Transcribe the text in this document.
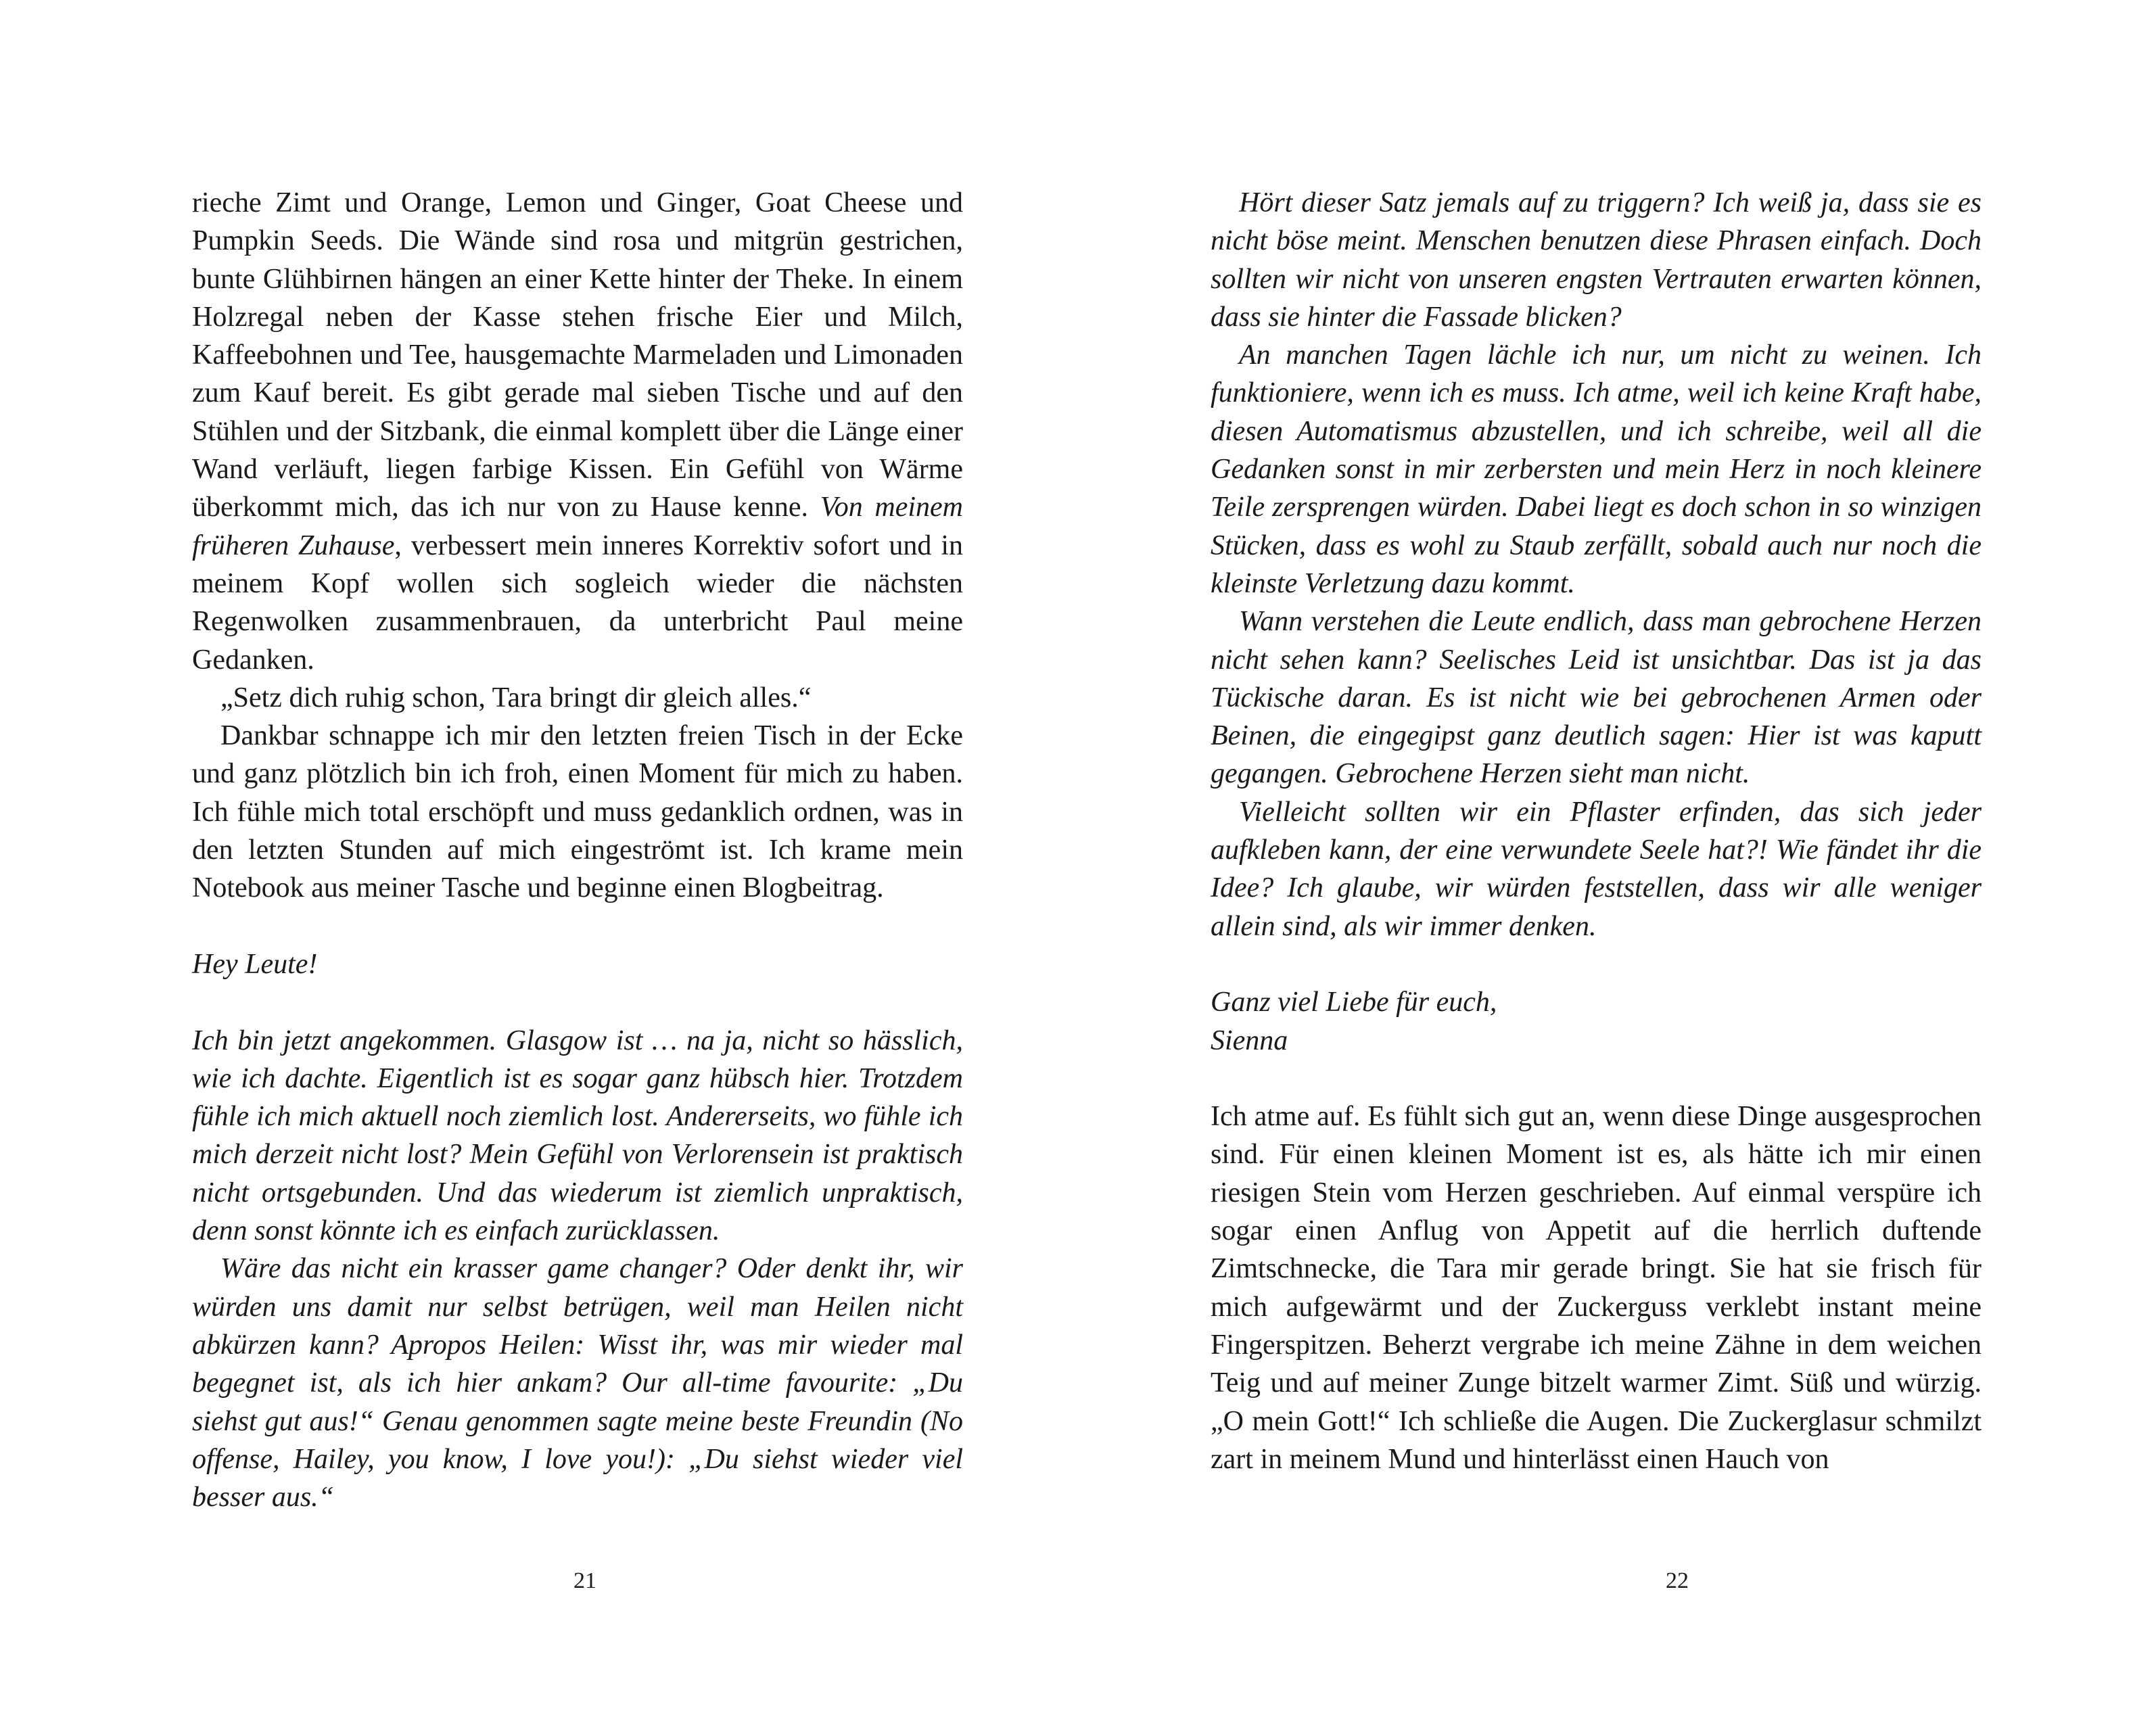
rieche Zimt und Orange, Lemon und Ginger, Goat Cheese und Pumpkin Seeds. Die Wände sind rosa und mitgrün gestrichen, bunte Glühbirnen hängen an einer Kette hinter der Theke. In einem Holzregal neben der Kasse stehen frische Eier und Milch, Kaffeebohnen und Tee, hausgemachte Marmeladen und Limonaden zum Kauf bereit. Es gibt gerade mal sieben Tische und auf den Stühlen und der Sitzbank, die einmal komplett über die Länge einer Wand verläuft, liegen farbige Kissen. Ein Gefühl von Wärme überkommt mich, das ich nur von zu Hause kenne. Von meinem früheren Zuhause, verbessert mein inneres Korrektiv sofort und in meinem Kopf wollen sich sogleich wieder die nächsten Regenwolken zusammenbrauen, da unterbricht Paul meine Gedanken.

„Setz dich ruhig schon, Tara bringt dir gleich alles.“

Dankbar schnappe ich mir den letzten freien Tisch in der Ecke und ganz plötzlich bin ich froh, einen Moment für mich zu haben. Ich fühle mich total erschöpft und muss gedanklich ordnen, was in den letzten Stunden auf mich eingeströmt ist. Ich krame mein Notebook aus meiner Tasche und beginne einen Blogbeitrag.

Hey Leute!

Ich bin jetzt angekommen. Glasgow ist … na ja, nicht so hässlich, wie ich dachte. Eigentlich ist es sogar ganz hübsch hier. Trotzdem fühle ich mich aktuell noch ziemlich lost. Andererseits, wo fühle ich mich derzeit nicht lost? Mein Gefühl von Verlorensein ist praktisch nicht ortsgebunden. Und das wiederum ist ziemlich unpraktisch, denn sonst könnte ich es einfach zurücklassen.

Wäre das nicht ein krasser game changer? Oder denkt ihr, wir würden uns damit nur selbst betrügen, weil man Heilen nicht abkürzen kann? Apropos Heilen: Wisst ihr, was mir wieder mal begegnet ist, als ich hier ankam? Our all-time favourite: „Du siehst gut aus!“ Genau genommen sagte meine beste Freundin (No offense, Hailey, you know, I love you!): „Du siehst wieder viel besser aus.“

21

Hört dieser Satz jemals auf zu triggern? Ich weiß ja, dass sie es nicht böse meint. Menschen benutzen diese Phrasen einfach. Doch sollten wir nicht von unseren engsten Vertrauten erwarten können, dass sie hinter die Fassade blicken?

An manchen Tagen lächle ich nur, um nicht zu weinen. Ich funktioniere, wenn ich es muss. Ich atme, weil ich keine Kraft habe, diesen Automatismus abzustellen, und ich schreibe, weil all die Gedanken sonst in mir zerbersten und mein Herz in noch kleinere Teile zersprengen würden. Dabei liegt es doch schon in so winzigen Stücken, dass es wohl zu Staub zerfällt, sobald auch nur noch die kleinste Verletzung dazu kommt.

Wann verstehen die Leute endlich, dass man gebrochene Herzen nicht sehen kann? Seelisches Leid ist unsichtbar. Das ist ja das Tückische daran. Es ist nicht wie bei gebrochenen Armen oder Beinen, die eingegipst ganz deutlich sagen: Hier ist was kaputt gegangen. Gebrochene Herzen sieht man nicht.

Vielleicht sollten wir ein Pflaster erfinden, das sich jeder aufkleben kann, der eine verwundete Seele hat?! Wie fändet ihr die Idee? Ich glaube, wir würden feststellen, dass wir alle weniger allein sind, als wir immer denken.

Ganz viel Liebe für euch,

Sienna

Ich atme auf. Es fühlt sich gut an, wenn diese Dinge ausgesprochen sind. Für einen kleinen Moment ist es, als hätte ich mir einen riesigen Stein vom Herzen geschrieben. Auf einmal verspüre ich sogar einen Anflug von Appetit auf die herrlich duftende Zimtschnecke, die Tara mir gerade bringt. Sie hat sie frisch für mich aufgewärmt und der Zuckerguss verklebt instant meine Fingerspitzen. Beherzt vergrabe ich meine Zähne in dem weichen Teig und auf meiner Zunge bitzelt warmer Zimt. Süß und würzig. „O mein Gott!“ Ich schließe die Augen. Die Zuckerglasur schmilzt zart in meinem Mund und hinterlässt einen Hauch von

22
